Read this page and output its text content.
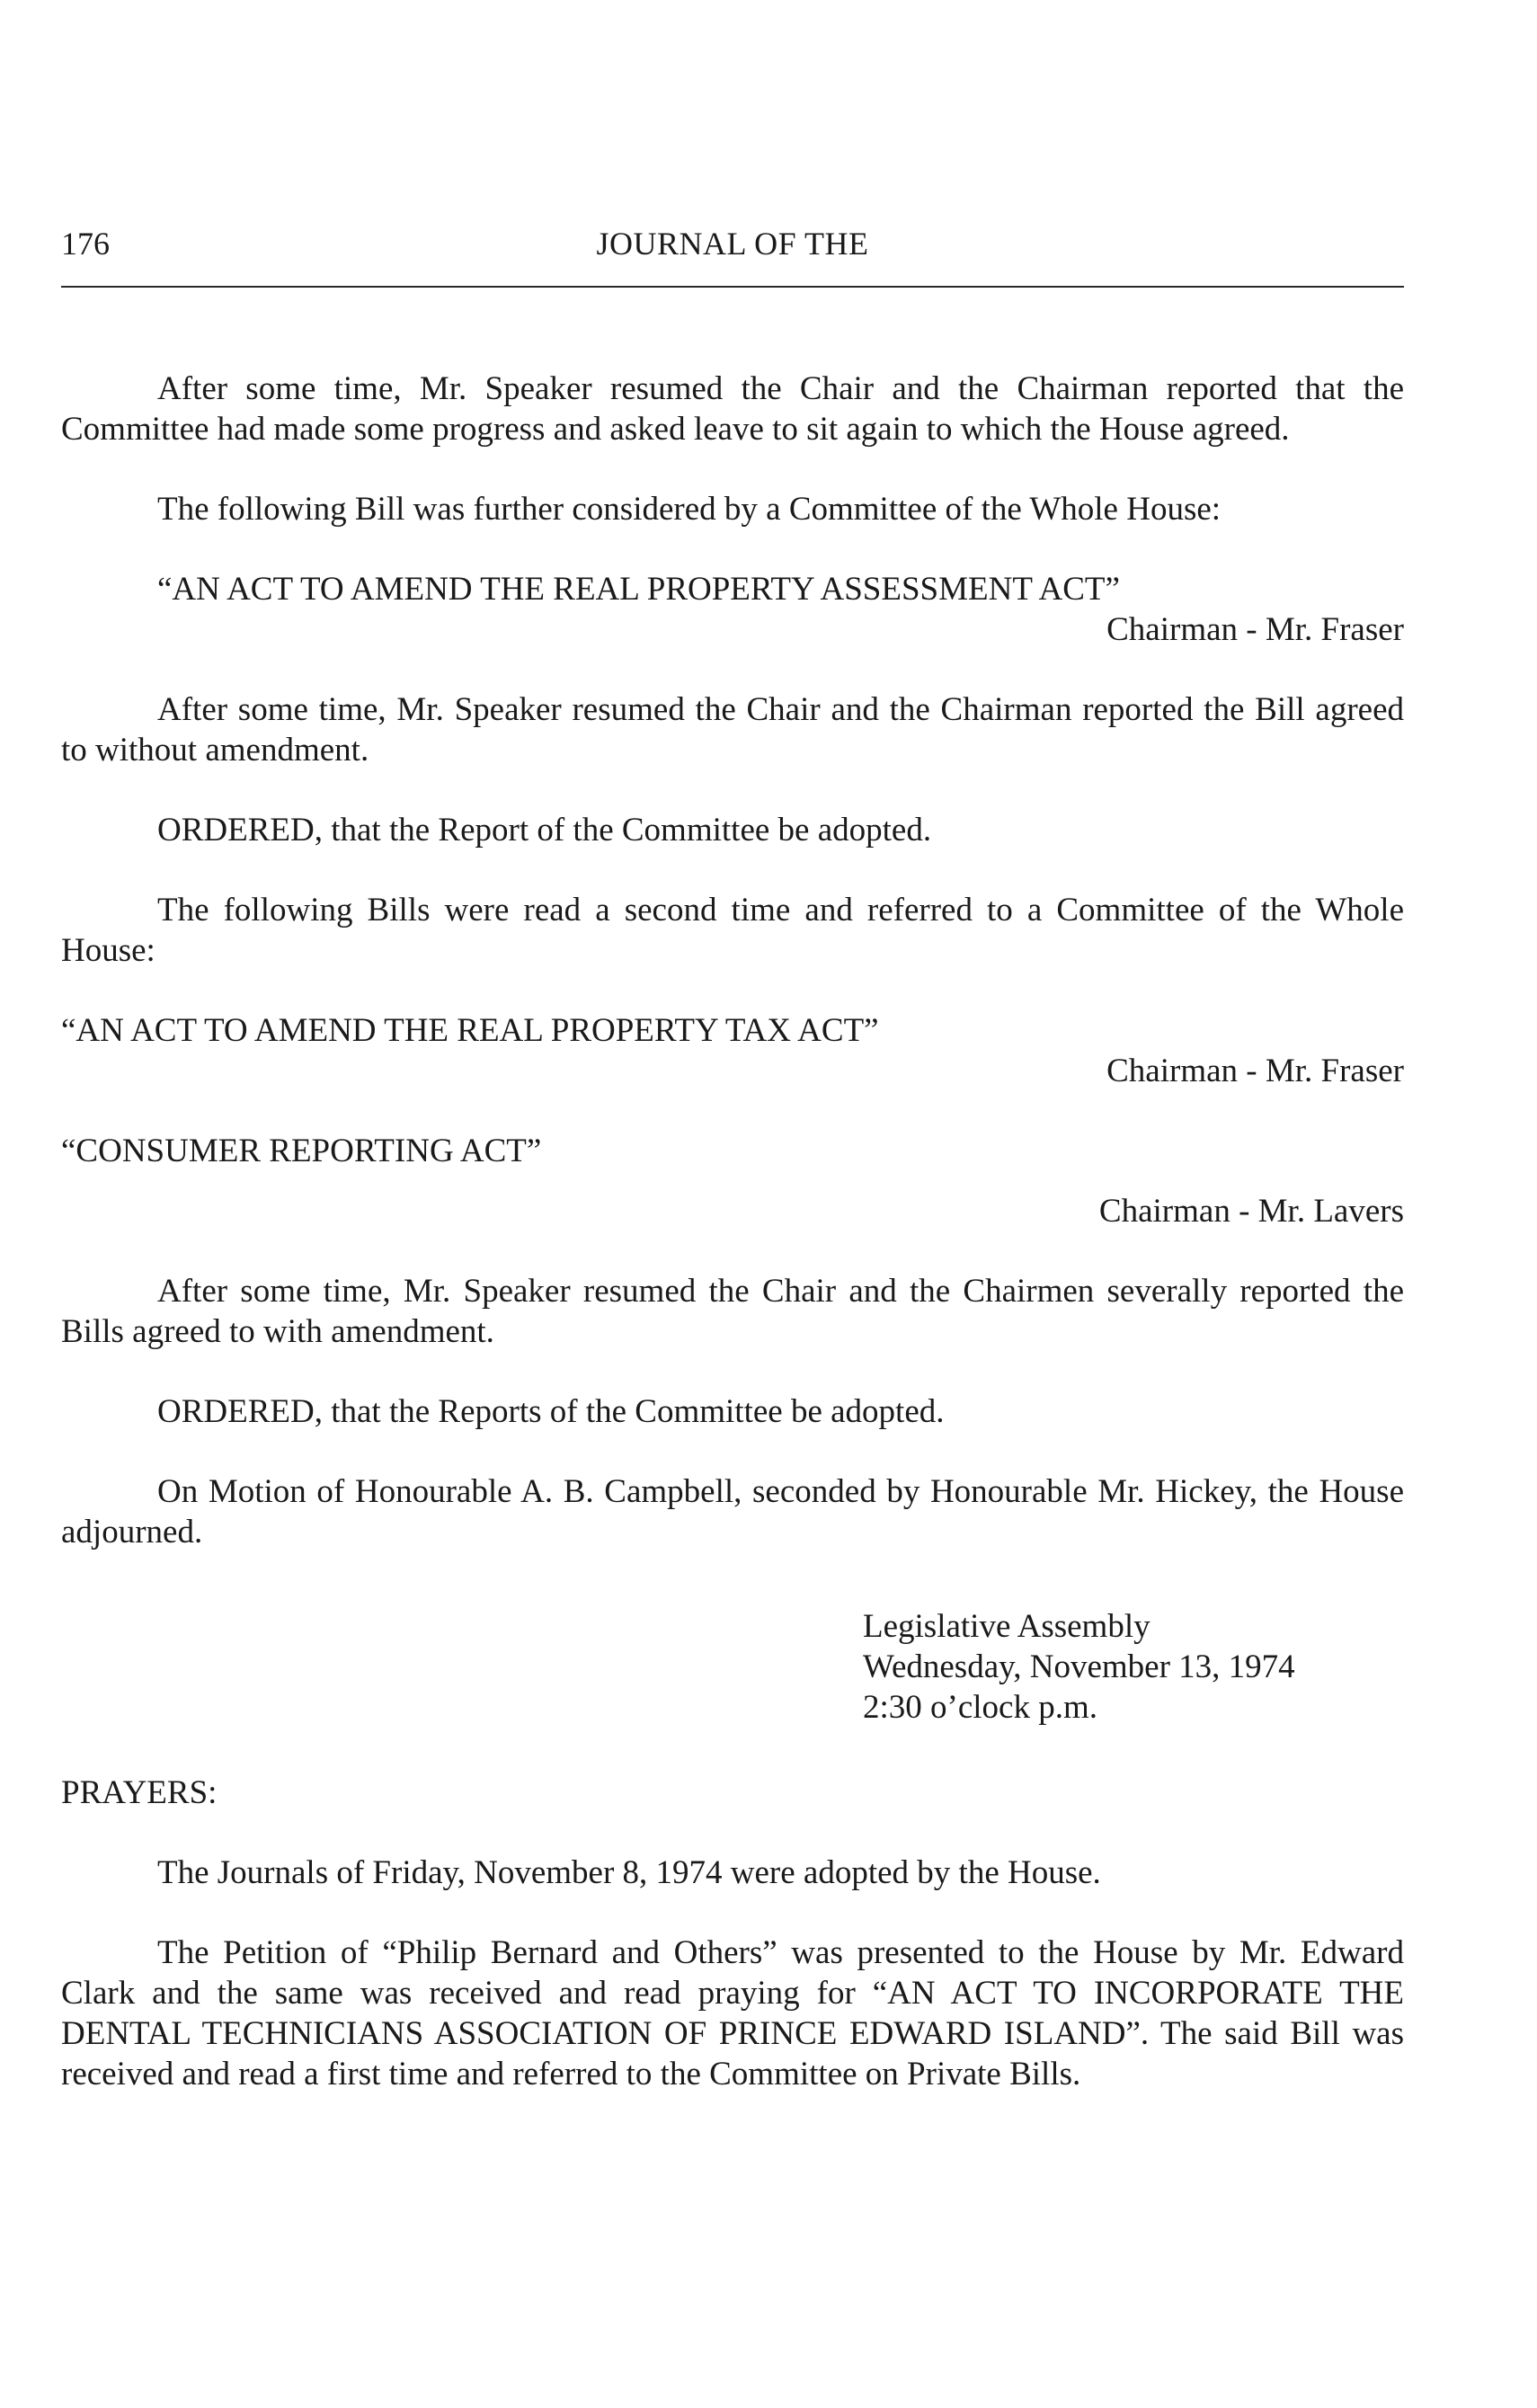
176	JOURNAL OF THE

After some time, Mr. Speaker resumed the Chair and the Chairman reported that the Committee had made some progress and asked leave to sit again to which the House agreed.

The following Bill was further considered by a Committee of the Whole House:

“AN ACT TO AMEND THE REAL PROPERTY ASSESSMENT ACT”

Chairman - Mr. Fraser

After some time, Mr. Speaker resumed the Chair and the Chairman reported the Bill agreed to without amendment.

ORDERED, that the Report of the Committee be adopted.

The following Bills were read a second time and referred to a Committee of the Whole House:

“AN ACT TO AMEND THE REAL PROPERTY TAX ACT”

Chairman - Mr. Fraser

“CONSUMER REPORTING ACT”

Chairman - Mr. Lavers

After some time, Mr. Speaker resumed the Chair and the Chairmen severally reported the Bills agreed to with amendment.

ORDERED, that the Reports of the Committee be adopted.

On Motion of Honourable A. B. Campbell, seconded by Honourable Mr. Hickey, the House adjourned.

Legislative Assembly
Wednesday, November 13, 1974
2:30 o’clock p.m.

PRAYERS:

The Journals of Friday, November 8, 1974 were adopted by the House.

The Petition of “Philip Bernard and Others” was presented to the House by Mr. Edward Clark and the same was received and read praying for “AN ACT TO INCORPORATE THE DENTAL TECHNICIANS ASSOCIATION OF PRINCE EDWARD ISLAND”. The said Bill was received and read a first time and referred to the Committee on Private Bills.
